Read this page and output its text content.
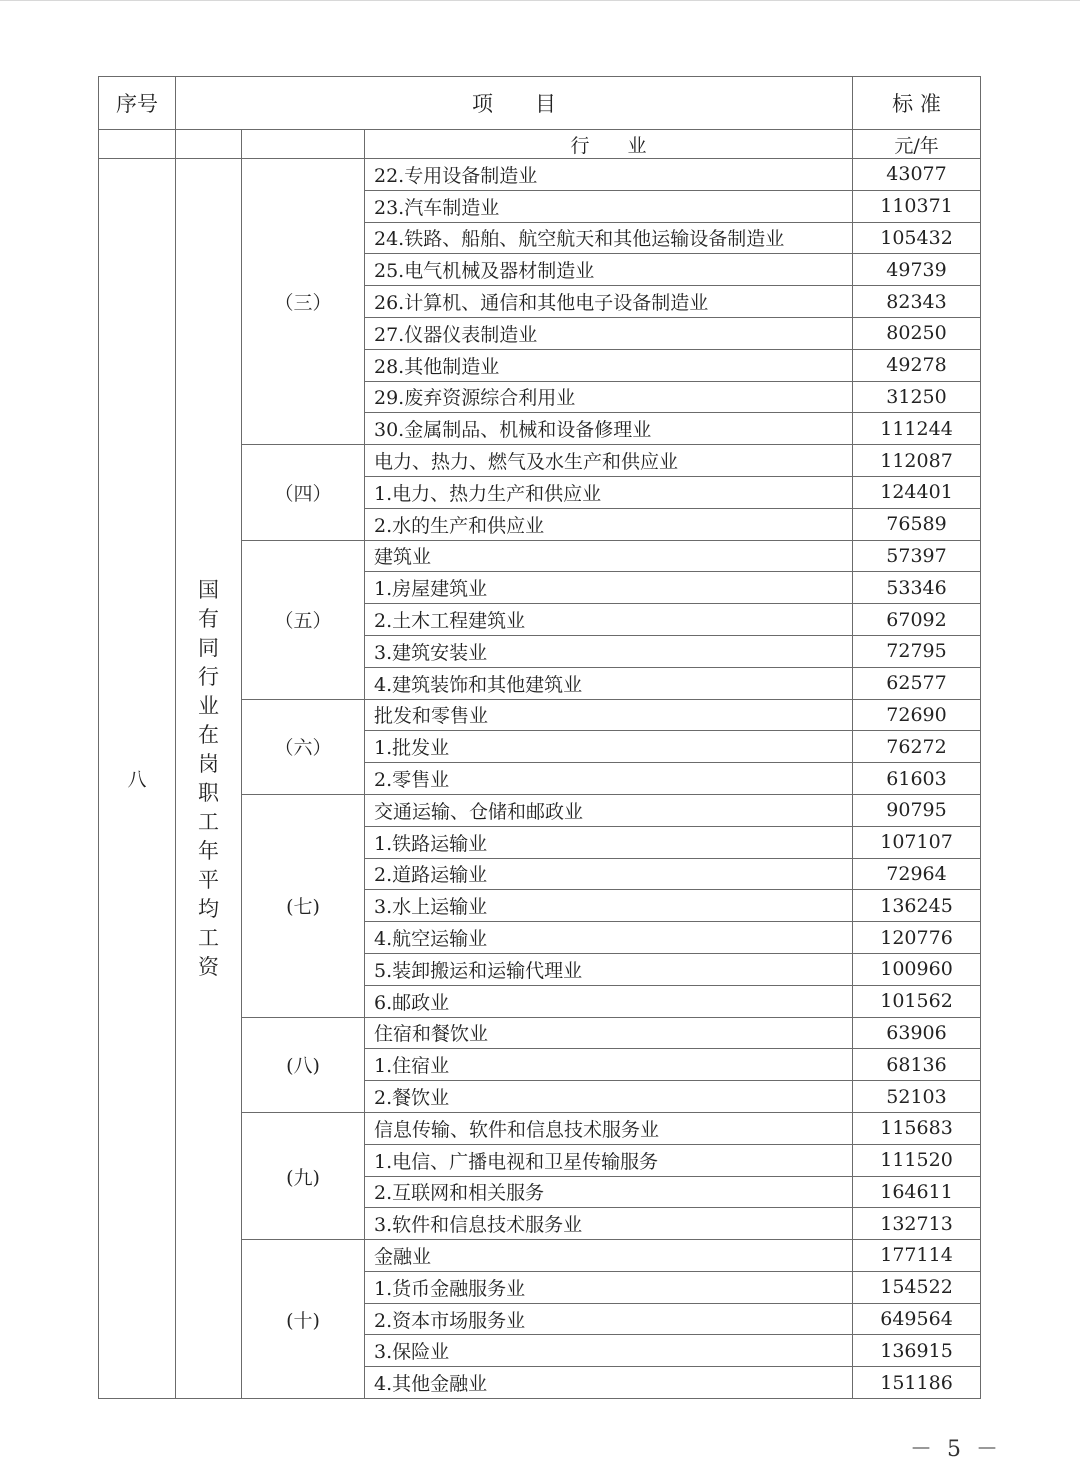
序号	项　　目			标 准
			行　　业	元/年
八	国有同行业在岗职工年平均工资	（三）	22.专用设备制造业	43077
			23.汽车制造业	110371
			24.铁路、船舶、航空航天和其他运输设备制造业	105432
			25.电气机械及器材制造业	49739
			26.计算机、通信和其他电子设备制造业	82343
			27.仪器仪表制造业	80250
			28.其他制造业	49278
			29.废弃资源综合利用业	31250
			30.金属制品、机械和设备修理业	111244
		（四）	电力、热力、燃气及水生产和供应业	112087
			1.电力、热力生产和供应业	124401
			2.水的生产和供应业	76589
		（五）	建筑业	57397
			1.房屋建筑业	53346
			2.土木工程建筑业	67092
			3.建筑安装业	72795
			4.建筑装饰和其他建筑业	62577
		（六）	批发和零售业	72690
			1.批发业	76272
			2.零售业	61603
		(七)	交通运输、仓储和邮政业	90795
			1.铁路运输业	107107
			2.道路运输业	72964
			3.水上运输业	136245
			4.航空运输业	120776
			5.装卸搬运和运输代理业	100960
			6.邮政业	101562
		(八)	住宿和餐饮业	63906
			1.住宿业	68136
			2.餐饮业	52103
		(九)	信息传输、软件和信息技术服务业	115683
			1.电信、广播电视和卫星传输服务	111520
			2.互联网和相关服务	164611
			3.软件和信息技术服务业	132713
		(十)	金融业	177114
			1.货币金融服务业	154522
			2.资本市场服务业	649564
			3.保险业	136915
			4.其他金融业	151186
－ 5 －
